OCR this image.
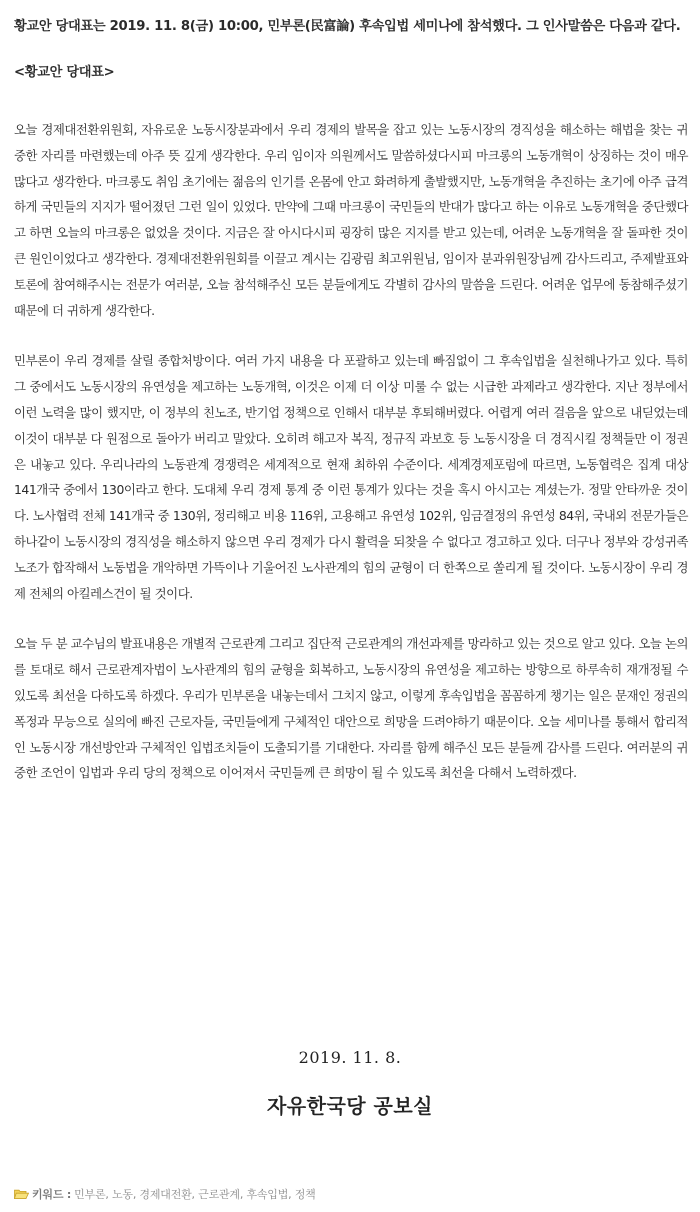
황교안 당대표는 2019. 11. 8(금) 10:00, 민부론(民富論) 후속입법 세미나에 참석했다. 그 인사말씀은 다음과 같다.

<황교안 당대표>

오늘 경제대전환위원회, 자유로운 노동시장분과에서 우리 경제의 발목을 잡고 있는 노동시장의 경직성을 해소하는 해법을 찾는 귀중한 자리를 마련했는데 아주 뜻 깊게 생각한다. 우리 임이자 의원께서도 말씀하셨다시피 마크롱의 노동개혁이 상징하는 것이 매우 많다고 생각한다. 마크롱도 취임 초기에는 젊음의 인기를 온몸에 안고 화려하게 출발했지만, 노동개혁을 추진하는 초기에 아주 급격하게 국민들의 지지가 떨어졌던 그런 일이 있었다. 만약에 그때 마크롱이 국민들의 반대가 많다고 하는 이유로 노동개혁을 중단했다고 하면 오늘의 마크롱은 없었을 것이다. 지금은 잘 아시다시피 굉장히 많은 지지를 받고 있는데, 어려운 노동개혁을 잘 돌파한 것이 큰 원인이었다고 생각한다. 경제대전환위원회를 이끌고 계시는 김광림 최고위원님, 임이자 분과위원장님께 감사드리고, 주제발표와 토론에 참여해주시는 전문가 여러분, 오늘 참석해주신 모든 분들에게도 각별히 감사의 말씀을 드린다. 어려운 업무에 동참해주셨기 때문에 더 귀하게 생각한다.

민부론이 우리 경제를 살릴 종합처방이다. 여러 가지 내용을 다 포괄하고 있는데 빠짐없이 그 후속입법을 실천해나가고 있다. 특히 그 중에서도 노동시장의 유연성을 제고하는 노동개혁, 이것은 이제 더 이상 미룰 수 없는 시급한 과제라고 생각한다. 지난 정부에서 이런 노력을 많이 했지만, 이 정부의 친노조, 반기업 정책으로 인해서 대부분 후퇴해버렸다. 어렵게 여러 걸음을 앞으로 내딛었는데 이것이 대부분 다 원점으로 돌아가 버리고 말았다. 오히려 해고자 복직, 정규직 과보호 등 노동시장을 더 경직시킬 정책들만 이 정권은 내놓고 있다. 우리나라의 노동관계 경쟁력은 세계적으로 현재 최하위 수준이다. 세계경제포럼에 따르면, 노동협력은 집계 대상 141개국 중에서 130이라고 한다. 도대체 우리 경제 통계 중 이런 통계가 있다는 것을 혹시 아시고는 계셨는가. 정말 안타까운 것이다. 노사협력 전체 141개국 중 130위, 정리해고 비용 116위, 고용해고 유연성 102위, 임금결정의 유연성 84위, 국내외 전문가들은 하나같이 노동시장의 경직성을 해소하지 않으면 우리 경제가 다시 활력을 되찾을 수 없다고 경고하고 있다. 더구나 정부와 강성귀족노조가 합작해서 노동법을 개악하면 가뜩이나 기울어진 노사관계의 힘의 균형이 더 한쪽으로 쏠리게 될 것이다. 노동시장이 우리 경제 전체의 아킬레스건이 될 것이다.

오늘 두 분 교수님의 발표내용은 개별적 근로관계 그리고 집단적 근로관계의 개선과제를 망라하고 있는 것으로 알고 있다. 오늘 논의를 토대로 해서 근로관계자법이 노사관계의 힘의 균형을 회복하고, 노동시장의 유연성을 제고하는 방향으로 하루속히 재개정될 수 있도록 최선을 다하도록 하겠다. 우리가 민부론을 내놓는데서 그치지 않고, 이렇게 후속입법을 꼼꼼하게 챙기는 일은 문재인 정권의 폭정과 무능으로 실의에 빠진 근로자들, 국민들에게 구체적인 대안으로 희망을 드려야하기 때문이다. 오늘 세미나를 통해서 합리적인 노동시장 개선방안과 구체적인 입법조치들이 도출되기를 기대한다. 자리를 함께 해주신 모든 분들께 감사를 드린다. 여러분의 귀중한 조언이 입법과 우리 당의 정책으로 이어져서 국민들께 큰 희망이 될 수 있도록 최선을 다해서 노력하겠다.

2019. 11. 8.
자유한국당 공보실
키워드 : 민부론, 노동, 경제대전환, 근로관계, 후속입법, 정책
